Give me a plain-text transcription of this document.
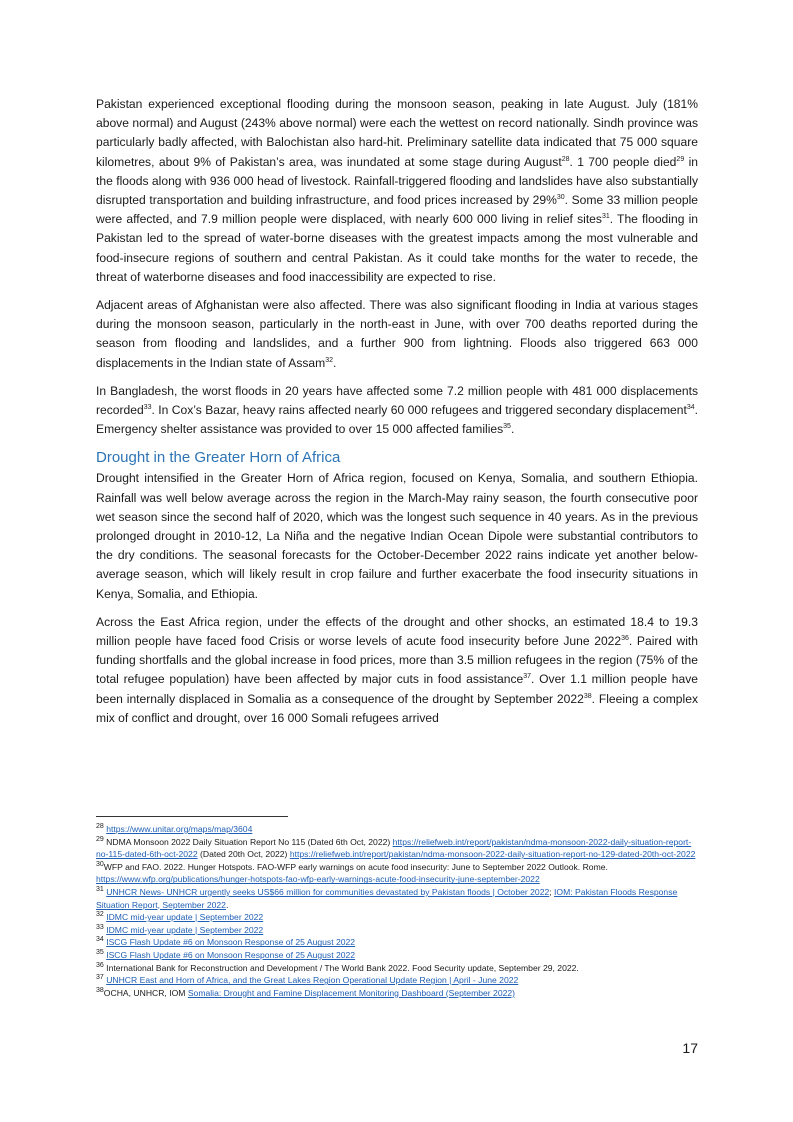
Pakistan experienced exceptional flooding during the monsoon season, peaking in late August. July (181% above normal) and August (243% above normal) were each the wettest on record nationally. Sindh province was particularly badly affected, with Balochistan also hard-hit. Preliminary satellite data indicated that 75 000 square kilometres, about 9% of Pakistan’s area, was inundated at some stage during August$^{28}$. 1 700 people died$^{29}$ in the floods along with 936 000 head of livestock. Rainfall-triggered flooding and landslides have also substantially disrupted transportation and building infrastructure, and food prices increased by 29%$^{30}$. Some 33 million people were affected, and 7.9 million people were displaced, with nearly 600 000 living in relief sites$^{31}$. The flooding in Pakistan led to the spread of water-borne diseases with the greatest impacts among the most vulnerable and food-insecure regions of southern and central Pakistan. As it could take months for the water to recede, the threat of waterborne diseases and food inaccessibility are expected to rise.

Adjacent areas of Afghanistan were also affected. There was also significant flooding in India at various stages during the monsoon season, particularly in the north-east in June, with over 700 deaths reported during the season from flooding and landslides, and a further 900 from lightning. Floods also triggered 663 000 displacements in the Indian state of Assam$^{32}$.

In Bangladesh, the worst floods in 20 years have affected some 7.2 million people with 481 000 displacements recorded$^{33}$. In Cox’s Bazar, heavy rains affected nearly 60 000 refugees and triggered secondary displacement$^{34}$. Emergency shelter assistance was provided to over 15 000 affected families$^{35}$.

Drought in the Greater Horn of Africa

Drought intensified in the Greater Horn of Africa region, focused on Kenya, Somalia, and southern Ethiopia. Rainfall was well below average across the region in the March-May rainy season, the fourth consecutive poor wet season since the second half of 2020, which was the longest such sequence in 40 years. As in the previous prolonged drought in 2010-12, La Niña and the negative Indian Ocean Dipole were substantial contributors to the dry conditions. The seasonal forecasts for the October-December 2022 rains indicate yet another below-average season, which will likely result in crop failure and further exacerbate the food insecurity situations in Kenya, Somalia, and Ethiopia.

Across the East Africa region, under the effects of the drought and other shocks, an estimated 18.4 to 19.3 million people have faced food Crisis or worse levels of acute food insecurity before June 2022$^{36}$. Paired with funding shortfalls and the global increase in food prices, more than 3.5 million refugees in the region (75% of the total refugee population) have been affected by major cuts in food assistance$^{37}$. Over 1.1 million people have been internally displaced in Somalia as a consequence of the drought by September 2022$^{38}$. Fleeing a complex mix of conflict and drought, over 16 000 Somali refugees arrived

$^{28}$ https://www.unitar.org/maps/map/3604

$^{29}$ NDMA Monsoon 2022 Daily Situation Report No 115 (Dated 6th Oct, 2022) https://reliefweb.int/report/pakistan/ndma-monsoon-2022-daily-situation-report-no-115-dated-6th-oct-2022 (Dated 20th Oct, 2022) https://reliefweb.int/report/pakistan/ndma-monsoon-2022-daily-situation-report-no-129-dated-20th-oct-2022

$^{30}$WFP and FAO. 2022. Hunger Hotspots. FAO-WFP early warnings on acute food insecurity: June to September 2022 Outlook. Rome.
https://www.wfp.org/publications/hunger-hotspots-fao-wfp-early-warnings-acute-food-insecurity-june-september-2022

$^{31}$ UNHCR News- UNHCR urgently seeks US$66 million for communities devastated by Pakistan floods | October 2022; IOM: Pakistan Floods Response Situation Report, September 2022.

$^{32}$ IDMC mid-year update | September 2022

$^{33}$ IDMC mid-year update | September 2022

$^{34}$ ISCG Flash Update #6 on Monsoon Response of 25 August 2022

$^{35}$ ISCG Flash Update #6 on Monsoon Response of 25 August 2022

$^{36}$ International Bank for Reconstruction and Development / The World Bank 2022. Food Security update, September 29, 2022.

$^{37}$ UNHCR East and Horn of Africa, and the Great Lakes Region Operational Update Region | April - June 2022

$^{38}$OCHA, UNHCR, IOM Somalia: Drought and Famine Displacement Monitoring Dashboard (September 2022)

17
